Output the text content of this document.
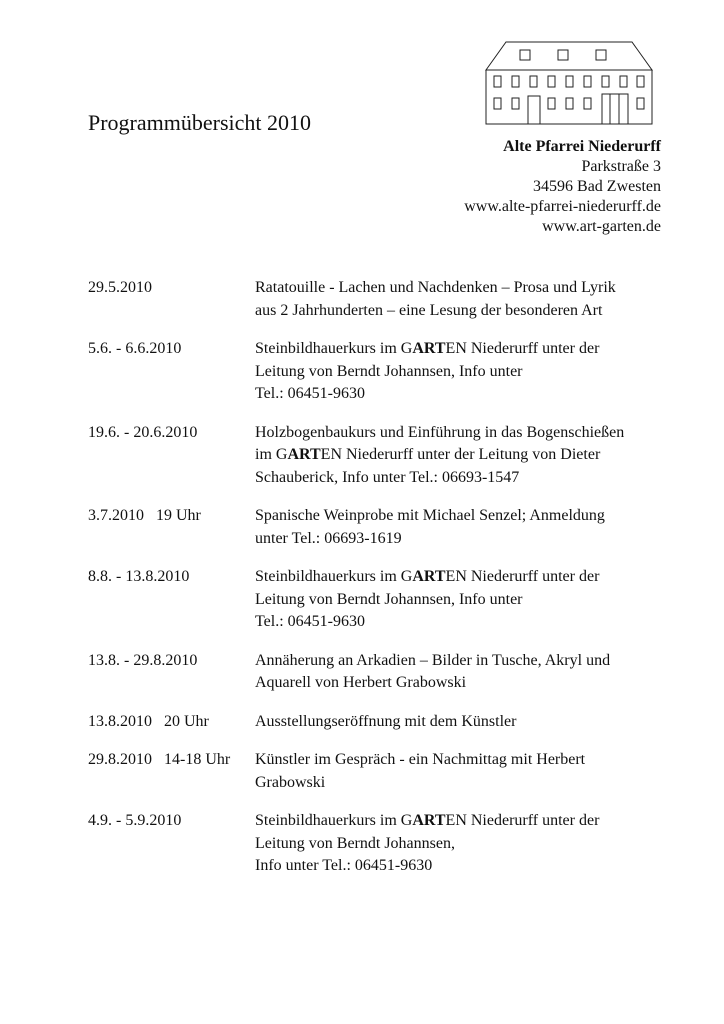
Programmübersicht 2010
Alte Pfarrei Niederurff
Parkstraße 3
34596 Bad Zwesten
www.alte-pfarrei-niederurff.de
www.art-garten.de
29.5.2010	Ratatouille - Lachen und Nachdenken – Prosa und Lyrik
aus 2 Jahrhunderten – eine Lesung der besonderen Art
5.6. - 6.6.2010	Steinbildhauerkurs im GARTEN Niederurff unter der
Leitung von Berndt Johannsen, Info unter
Tel.: 06451-9630
19.6. - 20.6.2010	Holzbogenbaukurs und Einführung in das Bogenschießen
im GARTEN Niederurff unter der Leitung von Dieter
Schauberick, Info unter Tel.: 06693-1547
3.7.2010   19 Uhr	Spanische Weinprobe mit Michael Senzel; Anmeldung
unter Tel.: 06693-1619
8.8. - 13.8.2010	Steinbildhauerkurs im GARTEN Niederurff unter der
Leitung von Berndt Johannsen, Info unter
Tel.: 06451-9630
13.8. - 29.8.2010	Annäherung an Arkadien – Bilder in Tusche, Akryl und
Aquarell von Herbert Grabowski
13.8.2010   20 Uhr	Ausstellungseröffnung mit dem Künstler
29.8.2010   14-18 Uhr	Künstler im Gespräch - ein Nachmittag mit Herbert
Grabowski
4.9. - 5.9.2010	Steinbildhauerkurs im GARTEN Niederurff unter der
Leitung von Berndt Johannsen,
Info unter Tel.: 06451-9630
